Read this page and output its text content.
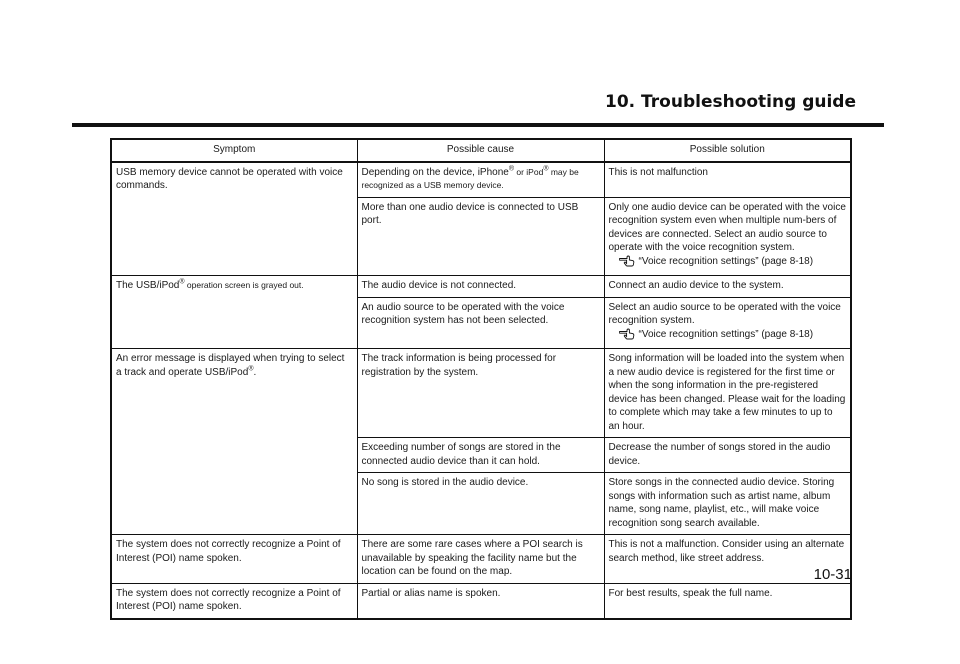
10. Troubleshooting guide
Symptom	Possible cause	Possible solution
USB memory device cannot be operated with voice commands.	Depending on the device, iPhone® or iPod® may be recognized as a USB memory device.	This is not malfunction
	More than one audio device is connected to USB port.	Only one audio device can be operated with the voice recognition system even when multiple num-bers of devices are connected. Select an audio source to operate with the voice recognition system.
“Voice recognition settings” (page 8-18)

The USB/iPod® operation screen is grayed out.	The audio device is not connected.	Connect an audio device to the system.
	An audio source to be operated with the voice recognition system has not been selected.	Select an audio source to be operated with the voice recognition system.
“Voice recognition settings” (page 8-18)

An error message is displayed when trying to select a track and operate USB/iPod®.	The track information is being processed for registration by the system.	Song information will be loaded into the system when a new audio device is registered for the first time or when the song information in the pre-registered device has been changed. Please wait for the loading to complete which may take a few minutes to up to an hour.
	Exceeding number of songs are stored in the connected audio device than it can hold.	Decrease the number of songs stored in the audio device.
	No song is stored in the audio device.	Store songs in the connected audio device. Storing songs with information such as artist name, album name, song name, playlist, etc., will make voice recognition song search available.
The system does not correctly recognize a Point of Interest (POI) name spoken.	There are some rare cases where a POI search is unavailable by speaking the facility name but the location can be found on the map.	This is not a malfunction. Consider using an alternate search method, like street address.
The system does not correctly recognize a Point of Interest (POI) name spoken.	Partial or alias name is spoken.	For best results, speak the full name.
10-31
